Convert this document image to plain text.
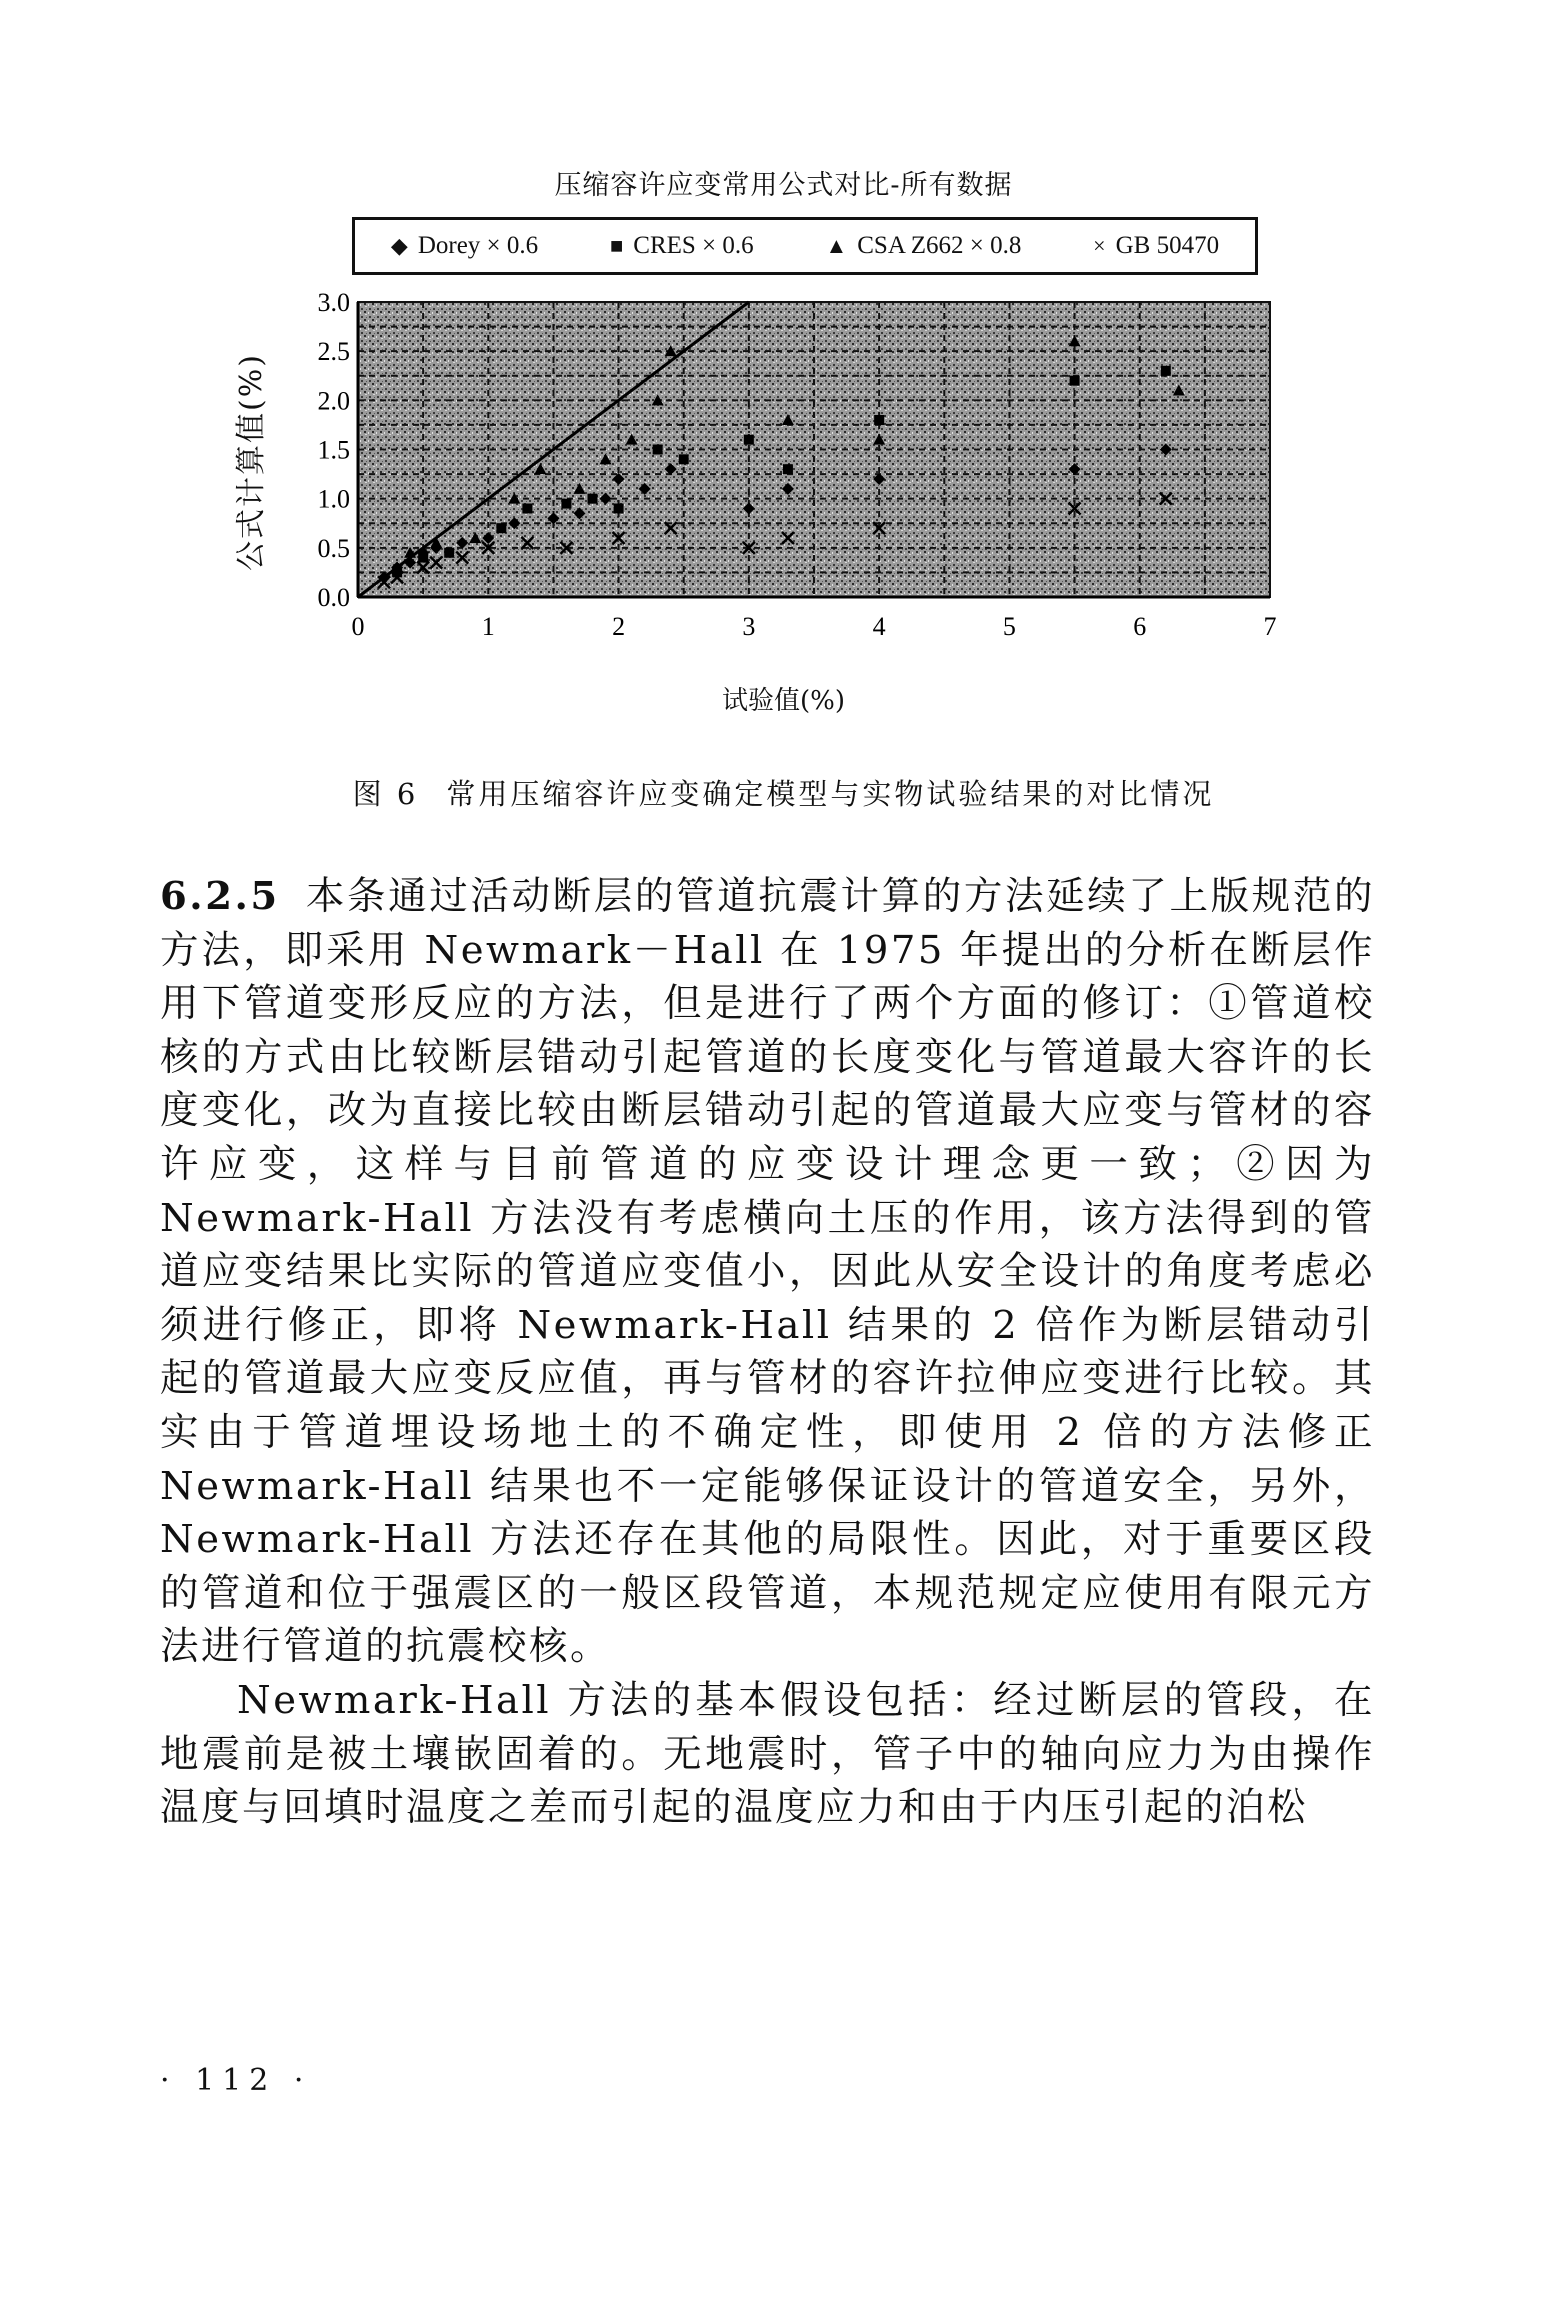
压缩容许应变常用公式对比-所有数据
◆ Dorey × 0.6	■ CRES × 0.6	▲ CSA Z662 × 0.8	× GB 50470
公式计算值(%)
0	1	2	3	4	5	6	7
0.0
0.5
1.0
1.5
2.0
2.5
3.0
试验值(%)
图 6 常用压缩容许应变确定模型与实物试验结果的对比情况

6.2.5 本条通过活动断层的管道抗震计算的方法延续了上版规范的方法，即采用 Newmark－Hall 在 1975 年提出的分析在断层作用下管道变形反应的方法，但是进行了两个方面的修订：①管道校核的方式由比较断层错动引起管道的长度变化与管道最大容许的长度变化，改为直接比较由断层错动引起的管道最大应变与管材的容许应变，这样与目前管道的应变设计理念更一致；②因为 Newmark-Hall 方法没有考虑横向土压的作用，该方法得到的管道应变结果比实际的管道应变值小，因此从安全设计的角度考虑必须进行修正，即将 Newmark-Hall 结果的 2 倍作为断层错动引起的管道最大应变反应值，再与管材的容许拉伸应变进行比较。其实由于管道埋设场地土的不确定性，即使用 2 倍的方法修正 Newmark-Hall 结果也不一定能够保证设计的管道安全，另外，Newmark-Hall 方法还存在其他的局限性。因此，对于重要区段的管道和位于强震区的一般区段管道，本规范规定应使用有限元方法进行管道的抗震校核。

Newmark-Hall 方法的基本假设包括：经过断层的管段，在地震前是被土壤嵌固着的。无地震时，管子中的轴向应力为由操作温度与回填时温度之差而引起的温度应力和由于内压引起的泊松

· 112 ·
